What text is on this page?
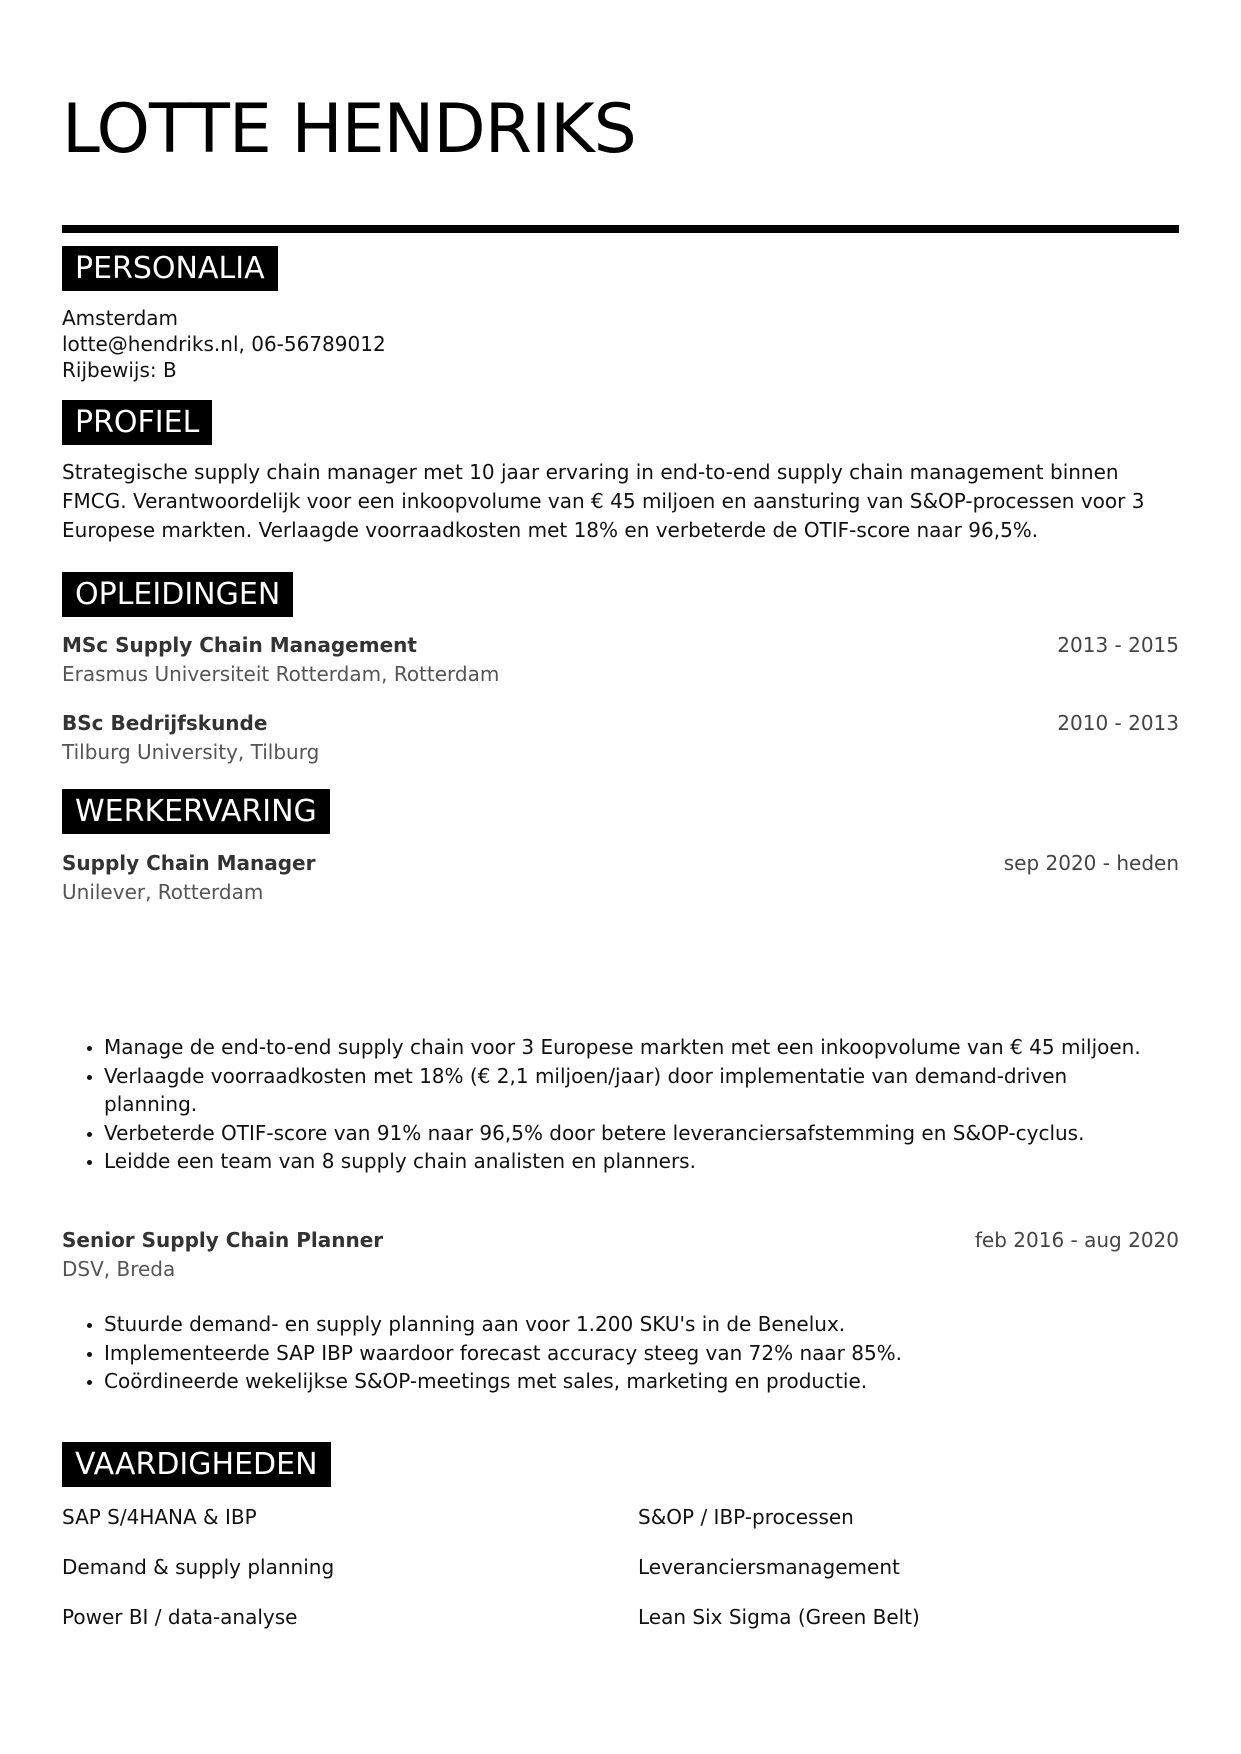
LOTTE HENDRIKS
PERSONALIA
Amsterdam
lotte@hendriks.nl, 06-56789012
Rijbewijs: B
PROFIEL
Strategische supply chain manager met 10 jaar ervaring in end-to-end supply chain management binnen FMCG. Verantwoordelijk voor een inkoopvolume van € 45 miljoen en aansturing van S&OP-processen voor 3 Europese markten. Verlaagde voorraadkosten met 18% en verbeterde de OTIF-score naar 96,5%.
OPLEIDINGEN
MSc Supply Chain Management
Erasmus Universiteit Rotterdam, Rotterdam
2013 - 2015
BSc Bedrijfskunde
Tilburg University, Tilburg
2010 - 2013
WERKERVARING
Supply Chain Manager
Unilever, Rotterdam
sep 2020 - heden
• Manage de end-to-end supply chain voor 3 Europese markten met een inkoopvolume van € 45 miljoen.
• Verlaagde voorraadkosten met 18% (€ 2,1 miljoen/jaar) door implementatie van demand-driven planning.
• Verbeterde OTIF-score van 91% naar 96,5% door betere leveranciersafstemming en S&OP-cyclus.
• Leidde een team van 8 supply chain analisten en planners.
Senior Supply Chain Planner
DSV, Breda
feb 2016 - aug 2020
• Stuurde demand- en supply planning aan voor 1.200 SKU's in de Benelux.
• Implementeerde SAP IBP waardoor forecast accuracy steeg van 72% naar 85%.
• Coördineerde wekelijkse S&OP-meetings met sales, marketing en productie.
VAARDIGHEDEN
SAP S/4HANA & IBP	S&OP / IBP-processen
Demand & supply planning	Leveranciersmanagement
Power BI / data-analyse	Lean Six Sigma (Green Belt)
